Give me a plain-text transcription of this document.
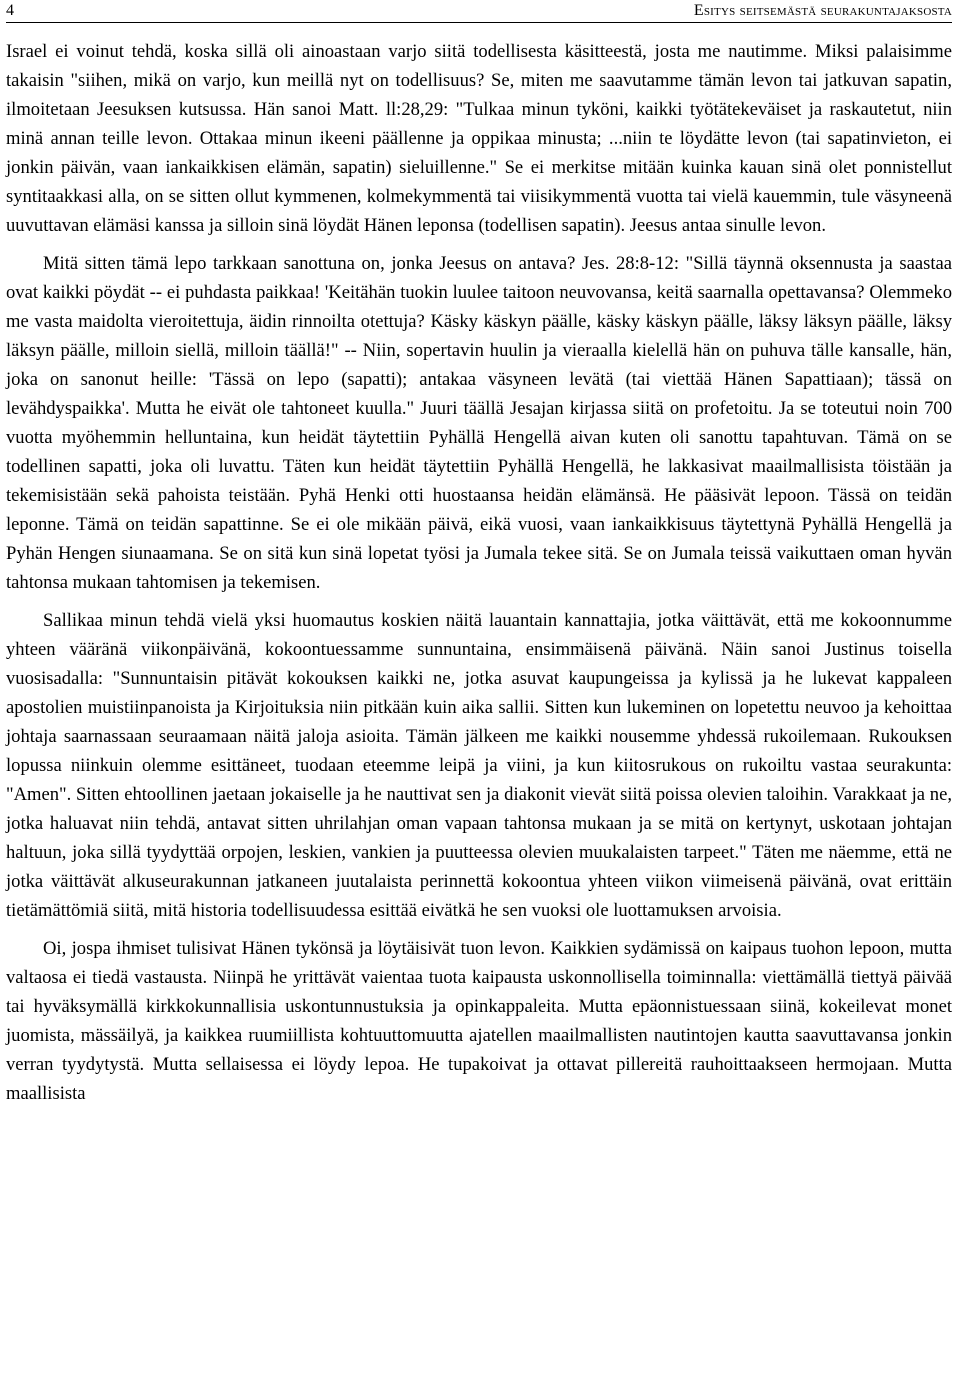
4	Esitys seitsemästä seurakuntajaksosta

Israel ei voinut tehdä, koska sillä oli ainoastaan varjo siitä todellisesta käsitteestä, josta me nautimme. Miksi palaisimme takaisin "siihen, mikä on varjo, kun meillä nyt on todellisuus? Se, miten me saavutamme tämän levon tai jatkuvan sapatin, ilmoitetaan Jeesuksen kutsussa. Hän sanoi Matt. ll:28,29: "Tulkaa minun tyköni, kaikki työtätekeväiset ja raskautetut, niin minä annan teille levon. Ottakaa minun ikeeni päällenne ja oppikaa minusta; ...niin te löydätte levon (tai sapatinvieton, ei jonkin päivän, vaan iankaikkisen elämän, sapatin) sieluillenne." Se ei merkitse mitään kuinka kauan sinä olet ponnistellut syntitaakkasi alla, on se sitten ollut kymmenen, kolmekymmentä tai viisikymmentä vuotta tai vielä kauemmin, tule väsyneenä uuvuttavan elämäsi kanssa ja silloin sinä löydät Hänen leponsa (todellisen sapatin). Jeesus antaa sinulle levon.

Mitä sitten tämä lepo tarkkaan sanottuna on, jonka Jeesus on antava? Jes. 28:8-12: "Sillä täynnä oksennusta ja saastaa ovat kaikki pöydät -- ei puhdasta paikkaa! 'Keitähän tuokin luulee taitoon neuvovansa, keitä saarnalla opettavansa? Olemmeko me vasta maidolta vieroitettuja, äidin rinnoilta otettuja? Käsky käskyn päälle, käsky käskyn päälle, läksy läksyn päälle, läksy läksyn päälle, milloin siellä, milloin täällä!" -- Niin, sopertavin huulin ja vieraalla kielellä hän on puhuva tälle kansalle, hän, joka on sanonut heille: 'Tässä on lepo (sapatti); antakaa väsyneen levätä (tai viettää Hänen Sapattiaan); tässä on levähdyspaikka'. Mutta he eivät ole tahtoneet kuulla." Juuri täällä Jesajan kirjassa siitä on profetoitu. Ja se toteutui noin 700 vuotta myöhemmin helluntaina, kun heidät täytettiin Pyhällä Hengellä aivan kuten oli sanottu tapahtuvan. Tämä on se todellinen sapatti, joka oli luvattu. Täten kun heidät täytettiin Pyhällä Hengellä, he lakkasivat maailmallisista töistään ja tekemisistään sekä pahoista teistään. Pyhä Henki otti huostaansa heidän elämänsä. He pääsivät lepoon. Tässä on teidän leponne. Tämä on teidän sapattinne. Se ei ole mikään päivä, eikä vuosi, vaan iankaikkisuus täytettynä Pyhällä Hengellä ja Pyhän Hengen siunaamana. Se on sitä kun sinä lopetat työsi ja Jumala tekee sitä. Se on Jumala teissä vaikuttaen oman hyvän tahtonsa mukaan tahtomisen ja tekemisen.

Sallikaa minun tehdä vielä yksi huomautus koskien näitä lauantain kannattajia, jotka väittävät, että me kokoonnumme yhteen vääränä viikonpäivänä, kokoontuessamme sunnuntaina, ensimmäisenä päivänä. Näin sanoi Justinus toisella vuosisadalla: "Sunnuntaisin pitävät kokouksen kaikki ne, jotka asuvat kaupungeissa ja kylissä ja he lukevat kappaleen apostolien muistiinpanoista ja Kirjoituksia niin pitkään kuin aika sallii. Sitten kun lukeminen on lopetettu neuvoo ja kehoittaa johtaja saarnassaan seuraamaan näitä jaloja asioita. Tämän jälkeen me kaikki nousemme yhdessä rukoilemaan. Rukouksen lopussa niinkuin olemme esittäneet, tuodaan eteemme leipä ja viini, ja kun kiitosrukous on rukoiltu vastaa seurakunta: "Amen". Sitten ehtoollinen jaetaan jokaiselle ja he nauttivat sen ja diakonit vievät siitä poissa olevien taloihin. Varakkaat ja ne, jotka haluavat niin tehdä, antavat sitten uhrilahjan oman vapaan tahtonsa mukaan ja se mitä on kertynyt, uskotaan johtajan haltuun, joka sillä tyydyttää orpojen, leskien, vankien ja puutteessa olevien muukalaisten tarpeet." Täten me näemme, että ne jotka väittävät alkuseurakunnan jatkaneen juutalaista perinnettä kokoontua yhteen viikon viimeisenä päivänä, ovat erittäin tietämättömiä siitä, mitä historia todellisuudessa esittää eivätkä he sen vuoksi ole luottamuksen arvoisia.

Oi, jospa ihmiset tulisivat Hänen tykönsä ja löytäisivät tuon levon. Kaikkien sydämissä on kaipaus tuohon lepoon, mutta valtaosa ei tiedä vastausta. Niinpä he yrittävät vaientaa tuota kaipausta uskonnollisella toiminnalla: viettämällä tiettyä päivää tai hyväksymällä kirkkokunnallisia uskontunnustuksia ja opinkappaleita. Mutta epäonnistuessaan siinä, kokeilevat monet juomista, mässäilyä, ja kaikkea ruumiillista kohtuuttomuutta ajatellen maailmallisten nautintojen kautta saavuttavansa jonkin verran tyydytystä. Mutta sellaisessa ei löydy lepoa. He tupakoivat ja ottavat pillereitä rauhoittaakseen hermojaan. Mutta maallisista
